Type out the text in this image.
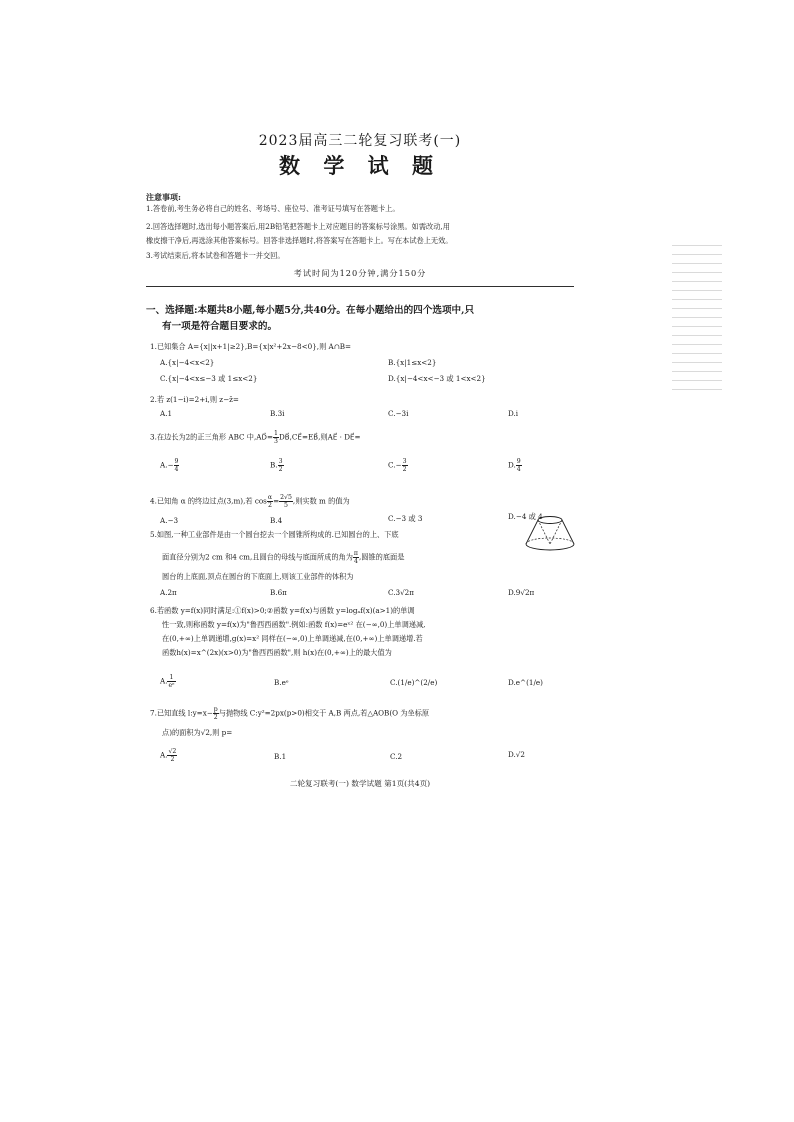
2023届高三二轮复习联考(一)
数 学 试 题
注意事项:
1.答卷前,考生务必将自己的姓名、考场号、座位号、准考证号填写在答题卡上。
2.回答选择题时,选出每小题答案后,用2B铅笔把答题卡上对应题目的答案标号涂黑。如需改动,用
橡皮擦干净后,再选涂其他答案标号。回答非选择题时,将答案写在答题卡上。写在本试卷上无效。
3.考试结束后,将本试卷和答题卡一并交回。
考试时间为120分钟,满分150分
一、选择题:本题共8小题,每小题5分,共40分。在每小题给出的四个选项中,只
有一项是符合题目要求的。
1.已知集合 A={x||x+1|≥2},B={x|x²+2x−8<0},则 A∩B=
A.{x|−4<x<2}	B.{x|1≤x<2}
C.{x|−4<x≤−3 或 1≤x<2}	D.{x|−4<x<−3 或 1<x<2}
2.若 z(1−i)=2+i,则 z−z̄=
A.1	B.3i	C.−3i	D.i
3.在边长为2的正三角形 ABC 中,AD⃗= $\frac{1}{3}$ DB⃗,CE⃗=EB⃗,则AE⃗ · DE⃗=
$A.- \frac{9}{4}$	B. $\frac{3}{2}$	$C.- \frac{3}{2}$	D. $\frac{9}{4}$
4.已知角 α 的终边过点(3,m),若 $\cos \frac{\alpha}{2} = \frac{2√5}{5}$ ,则实数 m 的值为
A.−3	B.4	C.−3 或 3	D.−4 或 4
5.如图,一种工业部件是由一个圆台挖去一个圆锥所构成的.已知圆台的上、下底
面直径分别为2 cm 和4 cm,且圆台的母线与底面所成的角为 $\frac{\pi}{4}$ ,圆锥的底面是
圆台的上底面,顶点在圆台的下底面上,则该工业部件的体积为
A.2π	B.6π	C.3√2π	D.9√2π
6.若函数 y=f(x)同时满足:①f(x)>0;②函数 y=f(x)与函数 y=logₐf(x)(a>1)的单调
性一致,则称函数 y=f(x)为"鲁西西函数".例如:函数 f(x)=eˣ² 在(−∞,0)上单调递减,
在(0,+∞)上单调递增,g(x)=x² 同样在(−∞,0)上单调递减,在(0,+∞)上单调递增.若
函数h(x)=x^(2x)(x>0)为"鲁西西函数",则 h(x)在(0,+∞)上的最大值为
A. $\frac{1}{\text{eᵉ}}$	B.eᵉ	C.(1/e)^(2/e)	D.e^(1/e)
7.已知直线 l:y=x− $\frac{p}{2}$ 与抛物线 C:y²=2px(p>0)相交于 A,B 两点,若△AOB(O 为坐标原
点)的面积为√2,则 p=
A. $\frac{√2}{2}$	B.1	C.2	D.√2
二轮复习联考(一) 数学试题 第1页(共4页)
